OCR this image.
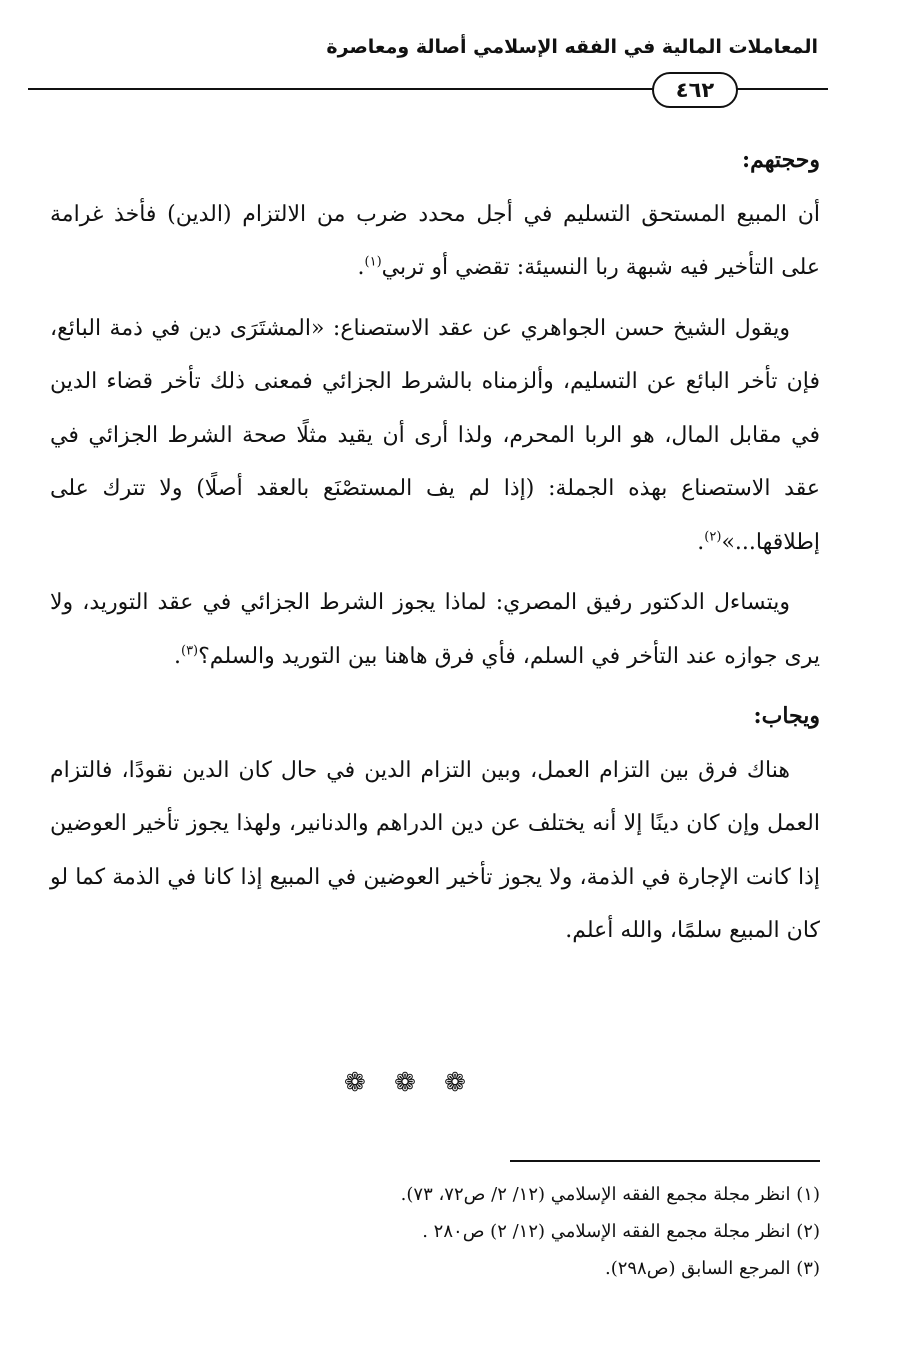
المعاملات المالية في الفقه الإسلامي أصالة ومعاصرة
٤٦٢

وحجتهم:

أن المبيع المستحق التسليم في أجل محدد ضرب من الالتزام (الدين) فأخذ غرامة على التأخير فيه شبهة ربا النسيئة: تقضي أو تربي$^{(١)}$.

ويقول الشيخ حسن الجواهري عن عقد الاستصناع: «المشتَرَى دين في ذمة البائع، فإن تأخر البائع عن التسليم، وألزمناه بالشرط الجزائي فمعنى ذلك تأخر قضاء الدين في مقابل المال، هو الربا المحرم، ولذا أرى أن يقيد مثلًا صحة الشرط الجزائي في عقد الاستصناع بهذه الجملة: (إذا لم يف المستصْنَع بالعقد أصلًا) ولا تترك على إطلاقها...»$^{(٢)}$.

ويتساءل الدكتور رفيق المصري: لماذا يجوز الشرط الجزائي في عقد التوريد، ولا يرى جوازه عند التأخر في السلم، فأي فرق هاهنا بين التوريد والسلم؟$^{(٣)}$.

ويجاب:

هناك فرق بين التزام العمل، وبين التزام الدين في حال كان الدين نقودًا، فالتزام العمل وإن كان دينًا إلا أنه يختلف عن دين الدراهم والدنانير، ولهذا يجوز تأخير العوضين إذا كانت الإجارة في الذمة، ولا يجوز تأخير العوضين في المبيع إذا كانا في الذمة كما لو كان المبيع سلمًا، والله أعلم.

❁ ❁ ❁

(١) انظر مجلة مجمع الفقه الإسلامي (١٢/ ٢/ ص٧٢، ٧٣).

(٢) انظر مجلة مجمع الفقه الإسلامي (١٢/ ٢) ص٢٨٠ .

(٣) المرجع السابق (ص٢٩٨).
